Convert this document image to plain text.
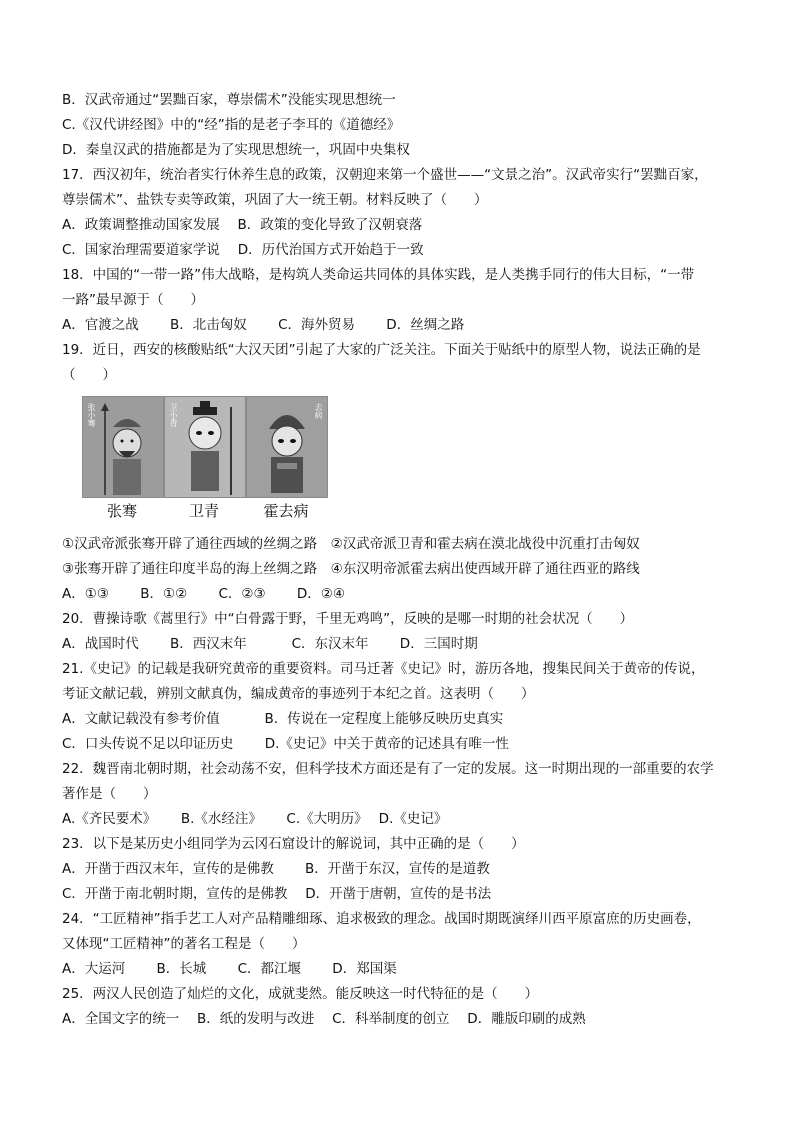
B．汉武帝通过“罢黜百家，尊崇儒术”没能实现思想统一
C.《汉代讲经图》中的“经”指的是老子李耳的《道德经》
D．秦皇汉武的措施都是为了实现思想统一，巩固中央集权
17．西汉初年，统治者实行休养生息的政策，汉朝迎来第一个盛世——“文景之治”。汉武帝实行“罢黜百家，
尊崇儒术”、盐铁专卖等政策，巩固了大一统王朝。材料反映了（　　）
A．政策调整推动国家发展　 B．政策的变化导致了汉朝衰落
C．国家治理需要道家学说　 D．历代治国方式开始趋于一致
18．中国的“一带一路”伟大战略，是构筑人类命运共同体的具体实践，是人类携手同行的伟大目标，“一带
一路”最早源于（　　）
A．官渡之战　　 B．北击匈奴　　 C．海外贸易　　 D．丝绸之路
19．近日，西安的核酸贴纸“大汉天团”引起了大家的广泛关注。下面关于贴纸中的原型人物，说法正确的是
（　　）
张小骞	卫小青	去病
张骞	卫青	霍去病
①汉武帝派张骞开辟了通往西域的丝绸之路　②汉武帝派卫青和霍去病在漠北战役中沉重打击匈奴
③张骞开辟了通往印度半岛的海上丝绸之路　④东汉明帝派霍去病出使西域开辟了通往西亚的路线
A．①③　　 B．①②　　 C．②③　　 D．②④
20．曹操诗歌《蒿里行》中“白骨露于野，千里无鸡鸣”，反映的是哪一时期的社会状况（　　）
A．战国时代　　 B．西汉末年　　　 C．东汉末年　　 D．三国时期
21.《史记》的记载是我研究黄帝的重要资料。司马迁著《史记》时，游历各地，搜集民间关于黄帝的传说，
考证文献记载，辨别文献真伪，编成黄帝的事迹列于本纪之首。这表明（　　）
A．文献记载没有参考价值　　　 B．传说在一定程度上能够反映历史真实
C．口头传说不足以印证历史　　 D.《史记》中关于黄帝的记述具有唯一性
22．魏晋南北朝时期，社会动荡不安，但科学技术方面还是有了一定的发展。这一时期出现的一部重要的农学
著作是（　　）
A.《齐民要术》　　 B.《水经注》　　 C.《大明历》　 D.《史记》
23．以下是某历史小组同学为云冈石窟设计的解说词，其中正确的是（　　）
A．开凿于西汉末年，宣传的是佛教　　 B．开凿于东汉，宣传的是道教
C．开凿于南北朝时期，宣传的是佛教　 D．开凿于唐朝，宣传的是书法
24．“工匠精神”指手艺工人对产品精雕细琢、追求极致的理念。战国时期既演绎川西平原富庶的历史画卷，
又体现“工匠精神”的著名工程是（　　）
A．大运河　　 B．长城　　 C．都江堰　　 D．郑国渠
25．两汉人民创造了灿烂的文化，成就斐然。能反映这一时代特征的是（　　）
A．全国文字的统一　 B．纸的发明与改进　 C．科举制度的创立　 D．雕版印刷的成熟
